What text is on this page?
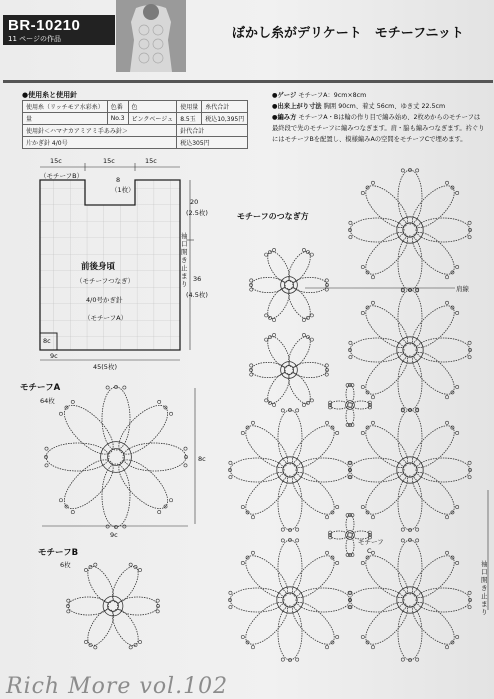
BR-10210
11 ページの作品	ぼかし糸がデリケート　モチーフニット
●使用糸と使用針
使用糸（リッチモア水彩糸）	色番	色	使用量	糸代合計
量	No.3	ピンクベージュ	8.5玉	税込10,395円
使用針＜ハマナカアミアミ手あみ針＞			針代合計	
片かぎ針 4/0号			税込305円	
●ゲージ モチーフA：9cm×8cm
●出来上がり寸法 胸囲 90cm、着丈 56cm、ゆき丈 22.5cm
●編み方 モチーフA・Bは輪の作り目で編み始め、2枚めからのモチーフは最終段で先のモチーフに編みつなぎます。肩・脇も編みつなぎます。衿ぐりにはモチーフBを配置し、模様編みAの空間をモチーフCで埋めます。
15c	15c	15c
（モチーフB）	8
（1枚）
20
(2.5枚)
36
(4.5枚)
袖口開き止まり
前後身頃
（モチーフつなぎ）
4/0号かぎ針
（モチーフA）
8c
9c
45(5枚)
モチーフA
64枚
9c
8c
モチーフB
6枚
モチーフのつなぎ方
肩線
モチーフ
C
袖口開き止まり
Rich More vol.102
